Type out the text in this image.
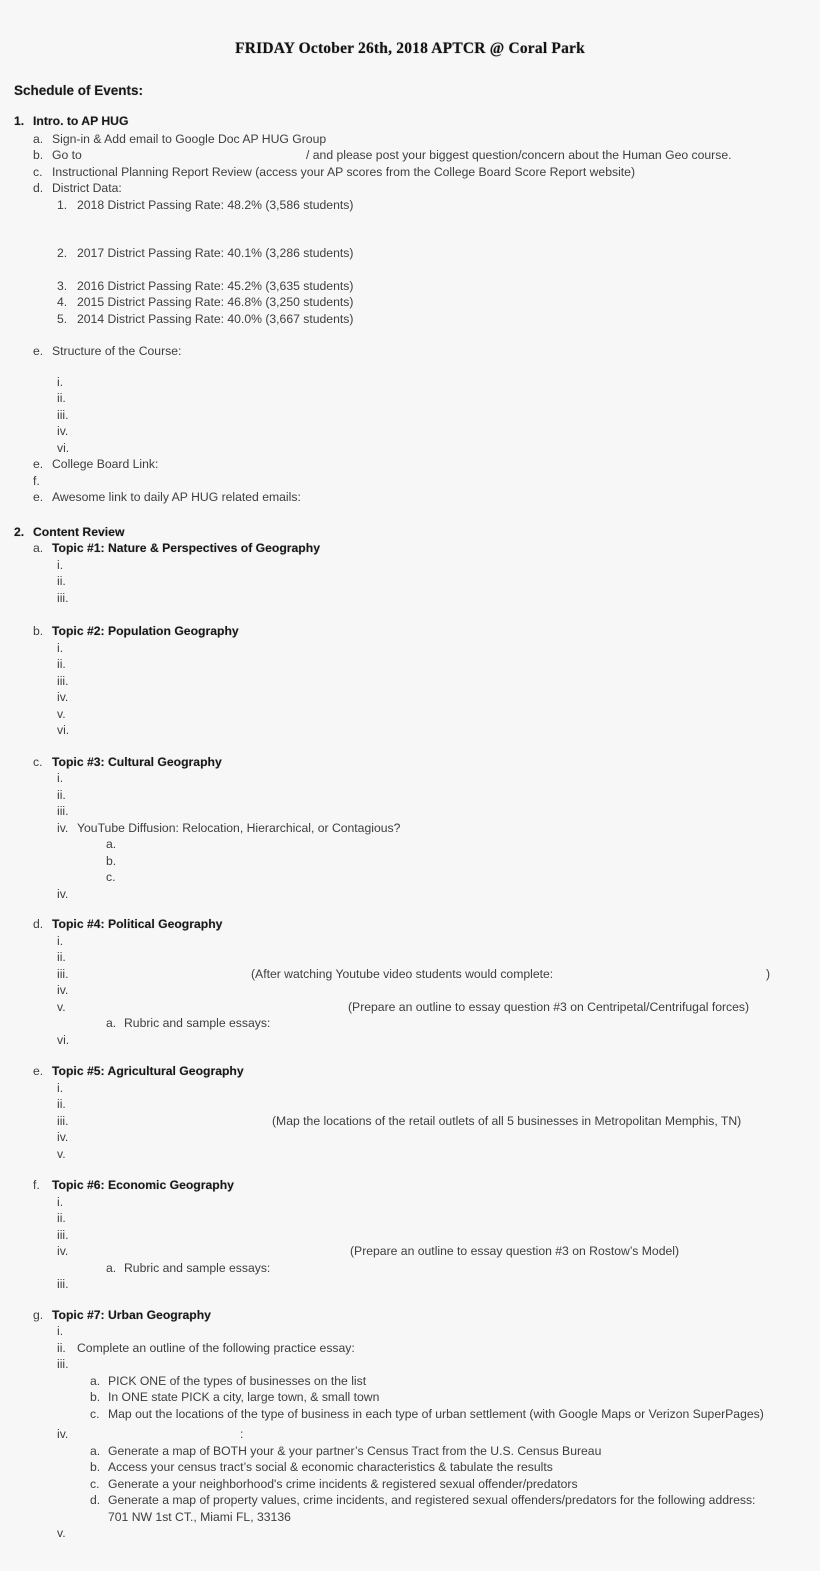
FRIDAY October 26th, 2018 APTCR @ Coral Park
Schedule of Events:
1. Intro. to AP HUG
a. Sign-in & Add email to Google Doc AP HUG Group
b. Go to	/ and please post your biggest question/concern about the Human Geo course.
c. Instructional Planning Report Review (access your AP scores from the College Board Score Report website)
d. District Data:
1. 2018 District Passing Rate: 48.2% (3,586 students)
2. 2017 District Passing Rate: 40.1% (3,286 students)
3. 2016 District Passing Rate: 45.2% (3,635 students)
4. 2015 District Passing Rate: 46.8% (3,250 students)
5. 2014 District Passing Rate: 40.0% (3,667 students)
e. Structure of the Course:
i.
ii.
iii.
iv.
vi.
e. College Board Link:
f.
e. Awesome link to daily AP HUG related emails:
2. Content Review
a. Topic #1: Nature & Perspectives of Geography
i.
ii.
iii.
b. Topic #2: Population Geography
i.
ii.
iii.
iv.
v.
vi.
c. Topic #3: Cultural Geography
i.
ii.
iii.
iv. YouTube Diffusion: Relocation, Hierarchical, or Contagious?
a.
b.
c.
iv.
d. Topic #4: Political Geography
i.
ii.
iii.	(After watching Youtube video students would complete:	)
iv.
v.	(Prepare an outline to essay question #3 on Centripetal/Centrifugal forces)
a. Rubric and sample essays:
vi.
e. Topic #5: Agricultural Geography
i.
ii.
iii.	(Map the locations of the retail outlets of all 5 businesses in Metropolitan Memphis, TN)
iv.
v.
f. Topic #6: Economic Geography
i.
ii.
iii.
iv.	(Prepare an outline to essay question #3 on Rostow’s Model)
a. Rubric and sample essays:
iii.
g. Topic #7: Urban Geography
i.
ii. Complete an outline of the following practice essay:
iii.
a. PICK ONE of the types of businesses on the list
b. In ONE state PICK a city, large town, & small town
c. Map out the locations of the type of business in each type of urban settlement (with Google Maps or Verizon SuperPages)
iv.	:
a. Generate a map of BOTH your & your partner’s Census Tract from the U.S. Census Bureau
b. Access your census tract’s social & economic characteristics & tabulate the results
c. Generate a your neighborhood's crime incidents & registered sexual offender/predators
d. Generate a map of property values, crime incidents, and registered sexual offenders/predators for the following address:
701 NW 1st CT., Miami FL, 33136
v.
